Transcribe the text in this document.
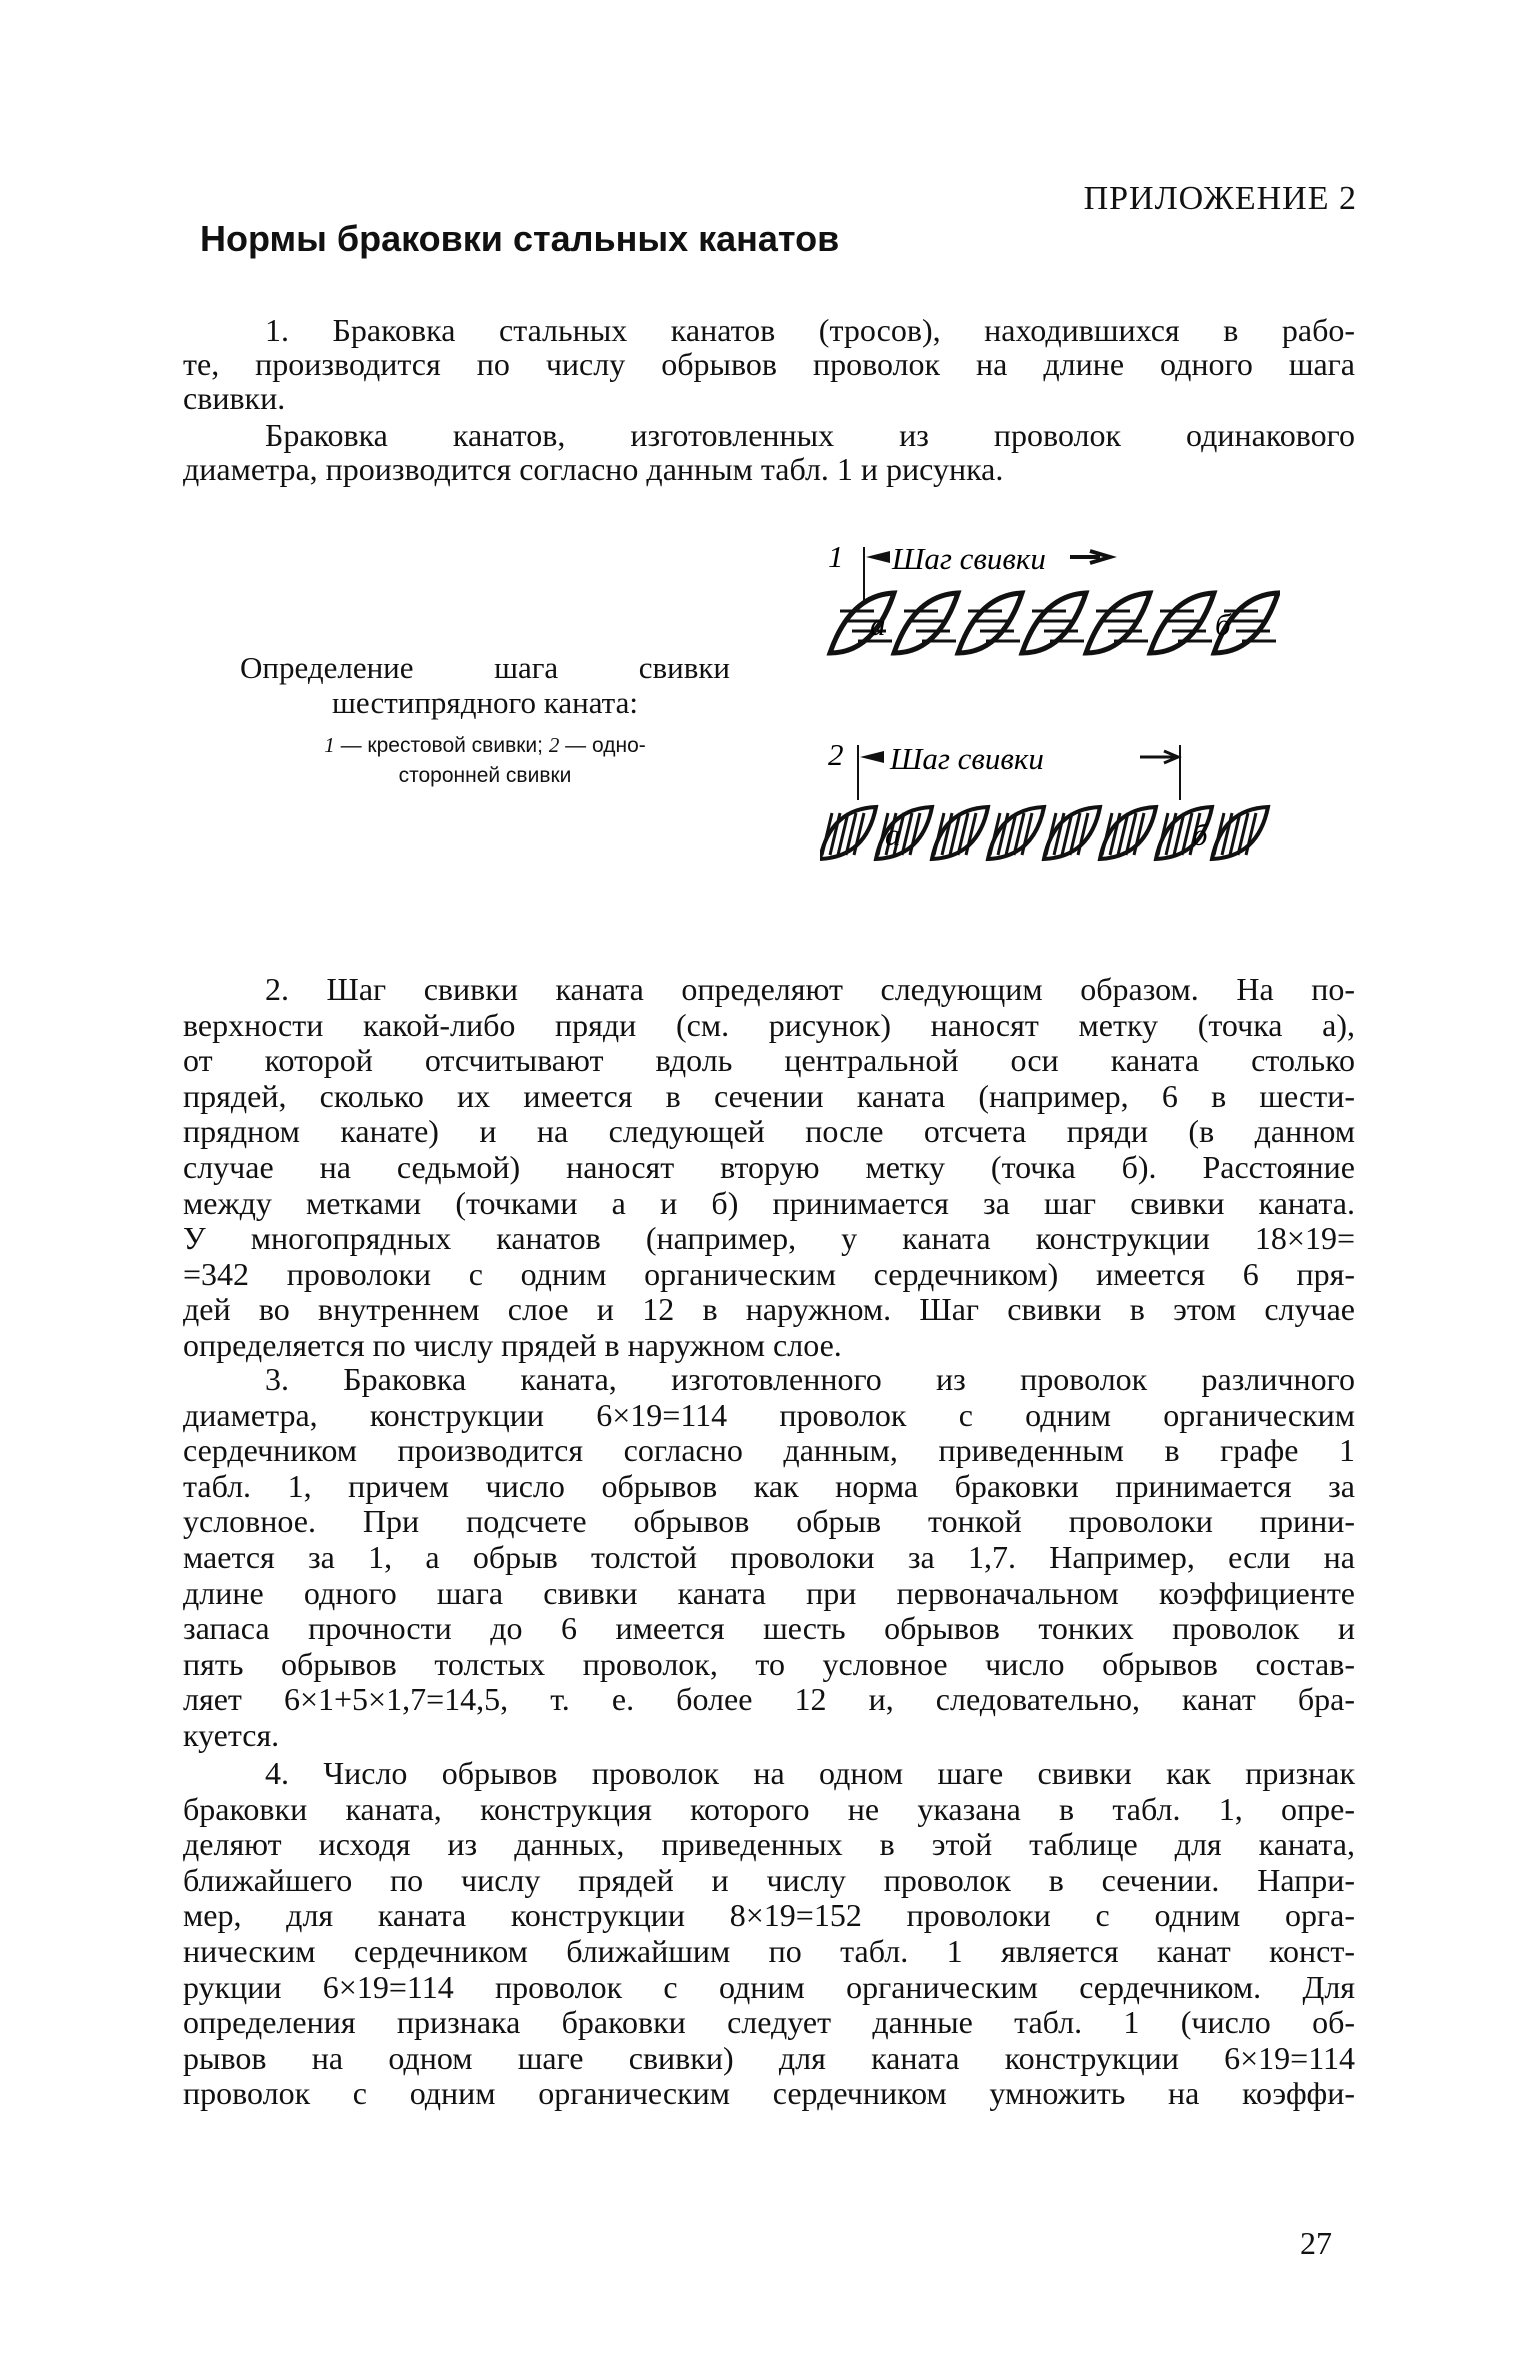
ПРИЛОЖЕНИЕ 2
Нормы браковки стальных канатов
1. Браковка стальных канатов (тросов), находившихся в рабо-
те, производится по числу обрывов проволок на длине одного шага
свивки.
Браковка канатов, изготовленных из проволок одинакового
диаметра, производится согласно данным табл. 1 и рисунка.
Определение шага свивки
шестипрядного каната:
1 — крестовой свивки; 2 — одно-
сторонней свивки
1 Шаг свивки
а	б
2 Шаг свивки
а	б
2. Шаг свивки каната определяют следующим образом. На по-
верхности какой-либо пряди (см. рисунок) наносят метку (точка а),
от которой отсчитывают вдоль центральной оси каната столько
прядей, сколько их имеется в сечении каната (например, 6 в шести-
прядном канате) и на следующей после отсчета пряди (в данном
случае на седьмой) наносят вторую метку (точка б). Расстояние
между метками (точками а и б) принимается за шаг свивки каната.
У многопрядных канатов (например, у каната конструкции 18×19=
=342 проволоки с одним органическим сердечником) имеется 6 пря-
дей во внутреннем слое и 12 в наружном. Шаг свивки в этом случае
определяется по числу прядей в наружном слое.
3. Браковка каната, изготовленного из проволок различного
диаметра, конструкции 6×19=114 проволок с одним органическим
сердечником производится согласно данным, приведенным в графе 1
табл. 1, причем число обрывов как норма браковки принимается за
условное. При подсчете обрывов обрыв тонкой проволоки прини-
мается за 1, а обрыв толстой проволоки за 1,7. Например, если на
длине одного шага свивки каната при первоначальном коэффициенте
запаса прочности до 6 имеется шесть обрывов тонких проволок и
пять обрывов толстых проволок, то условное число обрывов состав-
ляет 6×1+5×1,7=14,5, т. е. более 12 и, следовательно, канат бра-
куется.
4. Число обрывов проволок на одном шаге свивки как признак
браковки каната, конструкция которого не указана в табл. 1, опре-
деляют исходя из данных, приведенных в этой таблице для каната,
ближайшего по числу прядей и числу проволок в сечении. Напри-
мер, для каната конструкции 8×19=152 проволоки с одним орга-
ническим сердечником ближайшим по табл. 1 является канат конст-
рукции 6×19=114 проволок с одним органическим сердечником. Для
определения признака браковки следует данные табл. 1 (число об-
рывов на одном шаге свивки) для каната конструкции 6×19=114
проволок с одним органическим сердечником умножить на коэффи-
27
